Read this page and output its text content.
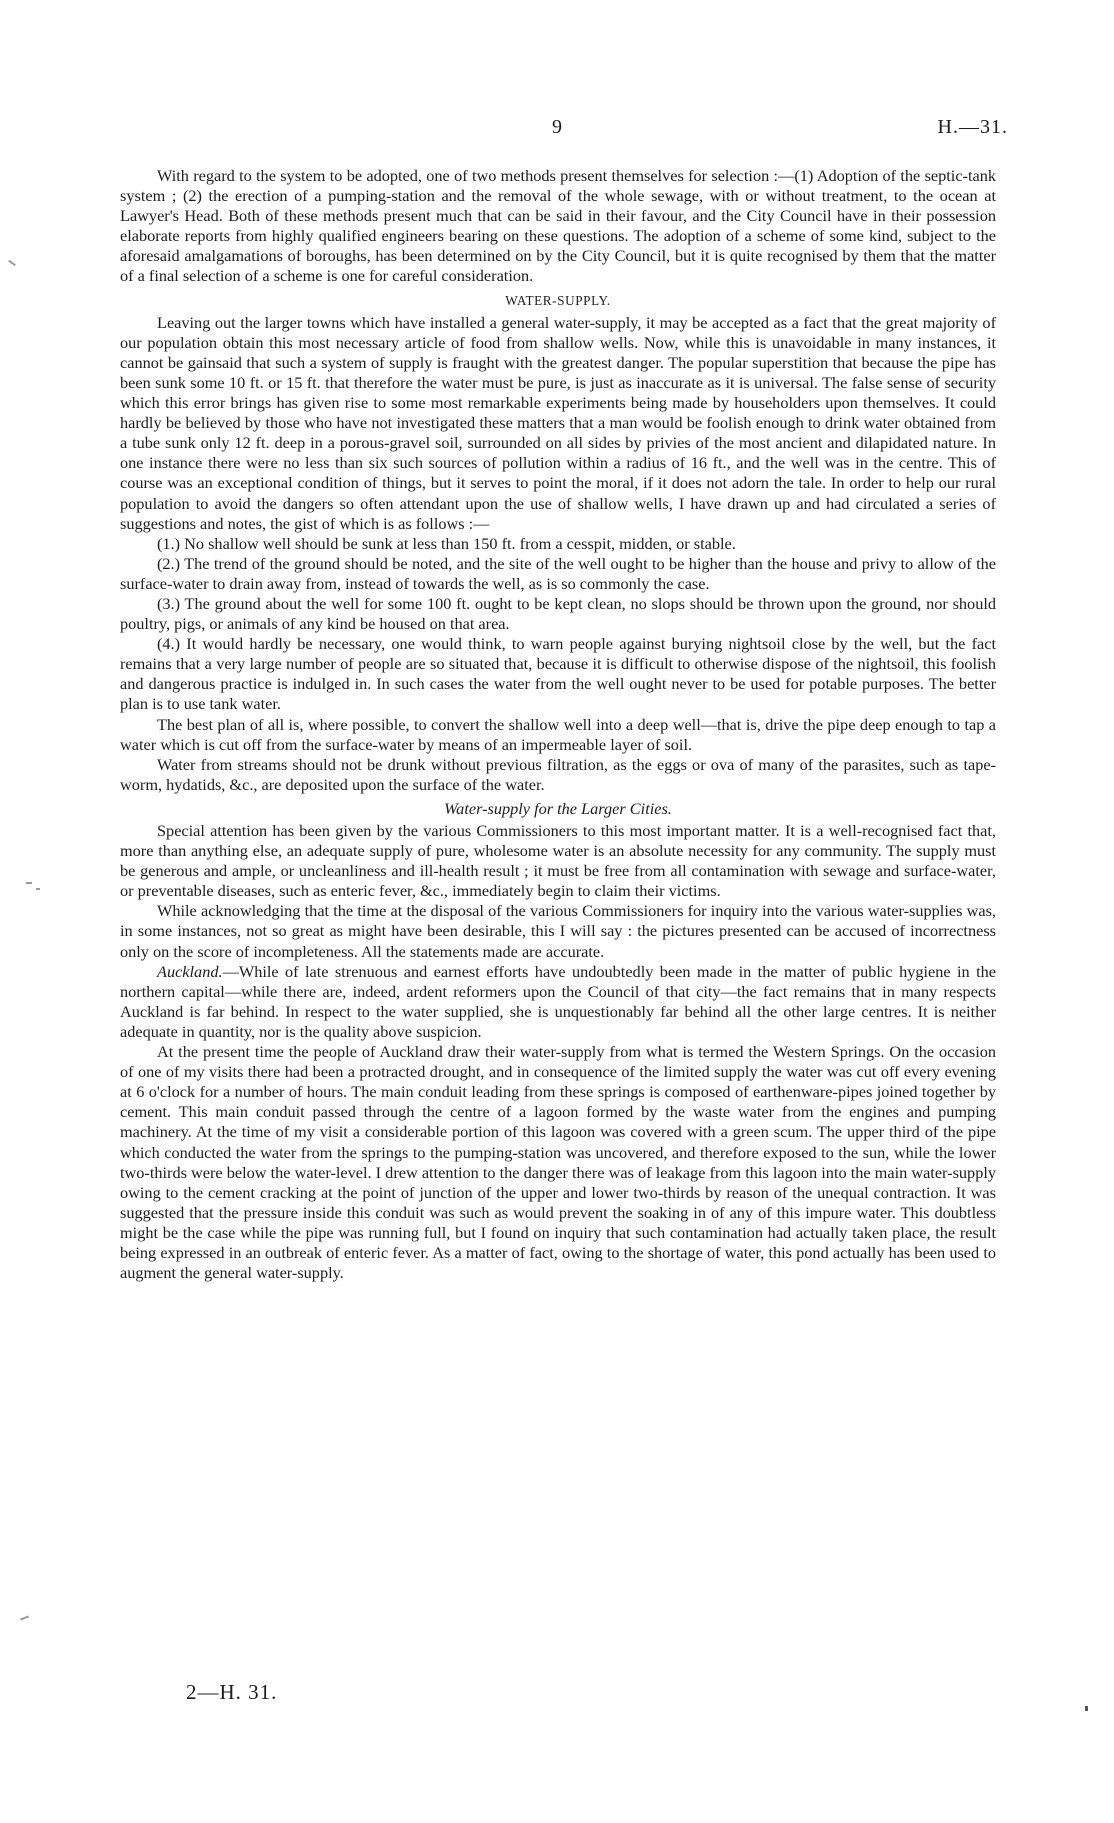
9	H.—31.

With regard to the system to be adopted, one of two methods present themselves for selection :—(1) Adoption of the septic-tank system ; (2) the erection of a pumping-station and the removal of the whole sewage, with or without treatment, to the ocean at Lawyer's Head. Both of these methods present much that can be said in their favour, and the City Council have in their possession elaborate reports from highly qualified engineers bearing on these questions. The adoption of a scheme of some kind, subject to the aforesaid amalgamations of boroughs, has been determined on by the City Council, but it is quite recognised by them that the matter of a final selection of a scheme is one for careful consideration.

WATER-SUPPLY.

Leaving out the larger towns which have installed a general water-supply, it may be accepted as a fact that the great majority of our population obtain this most necessary article of food from shallow wells. Now, while this is unavoidable in many instances, it cannot be gainsaid that such a system of supply is fraught with the greatest danger. The popular superstition that because the pipe has been sunk some 10 ft. or 15 ft. that therefore the water must be pure, is just as inaccurate as it is universal. The false sense of security which this error brings has given rise to some most remarkable experiments being made by householders upon themselves. It could hardly be believed by those who have not investigated these matters that a man would be foolish enough to drink water obtained from a tube sunk only 12 ft. deep in a porous-gravel soil, surrounded on all sides by privies of the most ancient and dilapidated nature. In one instance there were no less than six such sources of pollution within a radius of 16 ft., and the well was in the centre. This of course was an exceptional condition of things, but it serves to point the moral, if it does not adorn the tale. In order to help our rural population to avoid the dangers so often attendant upon the use of shallow wells, I have drawn up and had circulated a series of suggestions and notes, the gist of which is as follows :—

(1.) No shallow well should be sunk at less than 150 ft. from a cesspit, midden, or stable.

(2.) The trend of the ground should be noted, and the site of the well ought to be higher than the house and privy to allow of the surface-water to drain away from, instead of towards the well, as is so commonly the case.

(3.) The ground about the well for some 100 ft. ought to be kept clean, no slops should be thrown upon the ground, nor should poultry, pigs, or animals of any kind be housed on that area.

(4.) It would hardly be necessary, one would think, to warn people against burying nightsoil close by the well, but the fact remains that a very large number of people are so situated that, because it is difficult to otherwise dispose of the nightsoil, this foolish and dangerous practice is indulged in. In such cases the water from the well ought never to be used for potable purposes. The better plan is to use tank water.

The best plan of all is, where possible, to convert the shallow well into a deep well—that is, drive the pipe deep enough to tap a water which is cut off from the surface-water by means of an impermeable layer of soil.

Water from streams should not be drunk without previous filtration, as the eggs or ova of many of the parasites, such as tape-worm, hydatids, &c., are deposited upon the surface of the water.

Water-supply for the Larger Cities.

Special attention has been given by the various Commissioners to this most important matter. It is a well-recognised fact that, more than anything else, an adequate supply of pure, wholesome water is an absolute necessity for any community. The supply must be generous and ample, or uncleanliness and ill-health result ; it must be free from all contamination with sewage and surface-water, or preventable diseases, such as enteric fever, &c., immediately begin to claim their victims.

While acknowledging that the time at the disposal of the various Commissioners for inquiry into the various water-supplies was, in some instances, not so great as might have been desirable, this I will say : the pictures presented can be accused of incorrectness only on the score of incompleteness. All the statements made are accurate.

Auckland.—While of late strenuous and earnest efforts have undoubtedly been made in the matter of public hygiene in the northern capital—while there are, indeed, ardent reformers upon the Council of that city—the fact remains that in many respects Auckland is far behind. In respect to the water supplied, she is unquestionably far behind all the other large centres. It is neither adequate in quantity, nor is the quality above suspicion.

At the present time the people of Auckland draw their water-supply from what is termed the Western Springs. On the occasion of one of my visits there had been a protracted drought, and in consequence of the limited supply the water was cut off every evening at 6 o'clock for a number of hours. The main conduit leading from these springs is composed of earthenware-pipes joined together by cement. This main conduit passed through the centre of a lagoon formed by the waste water from the engines and pumping machinery. At the time of my visit a considerable portion of this lagoon was covered with a green scum. The upper third of the pipe which conducted the water from the springs to the pumping-station was uncovered, and therefore exposed to the sun, while the lower two-thirds were below the water-level. I drew attention to the danger there was of leakage from this lagoon into the main water-supply owing to the cement cracking at the point of junction of the upper and lower two-thirds by reason of the unequal contraction. It was suggested that the pressure inside this conduit was such as would prevent the soaking in of any of this impure water. This doubtless might be the case while the pipe was running full, but I found on inquiry that such contamination had actually taken place, the result being expressed in an outbreak of enteric fever. As a matter of fact, owing to the shortage of water, this pond actually has been used to augment the general water-supply.

2—H. 31.
